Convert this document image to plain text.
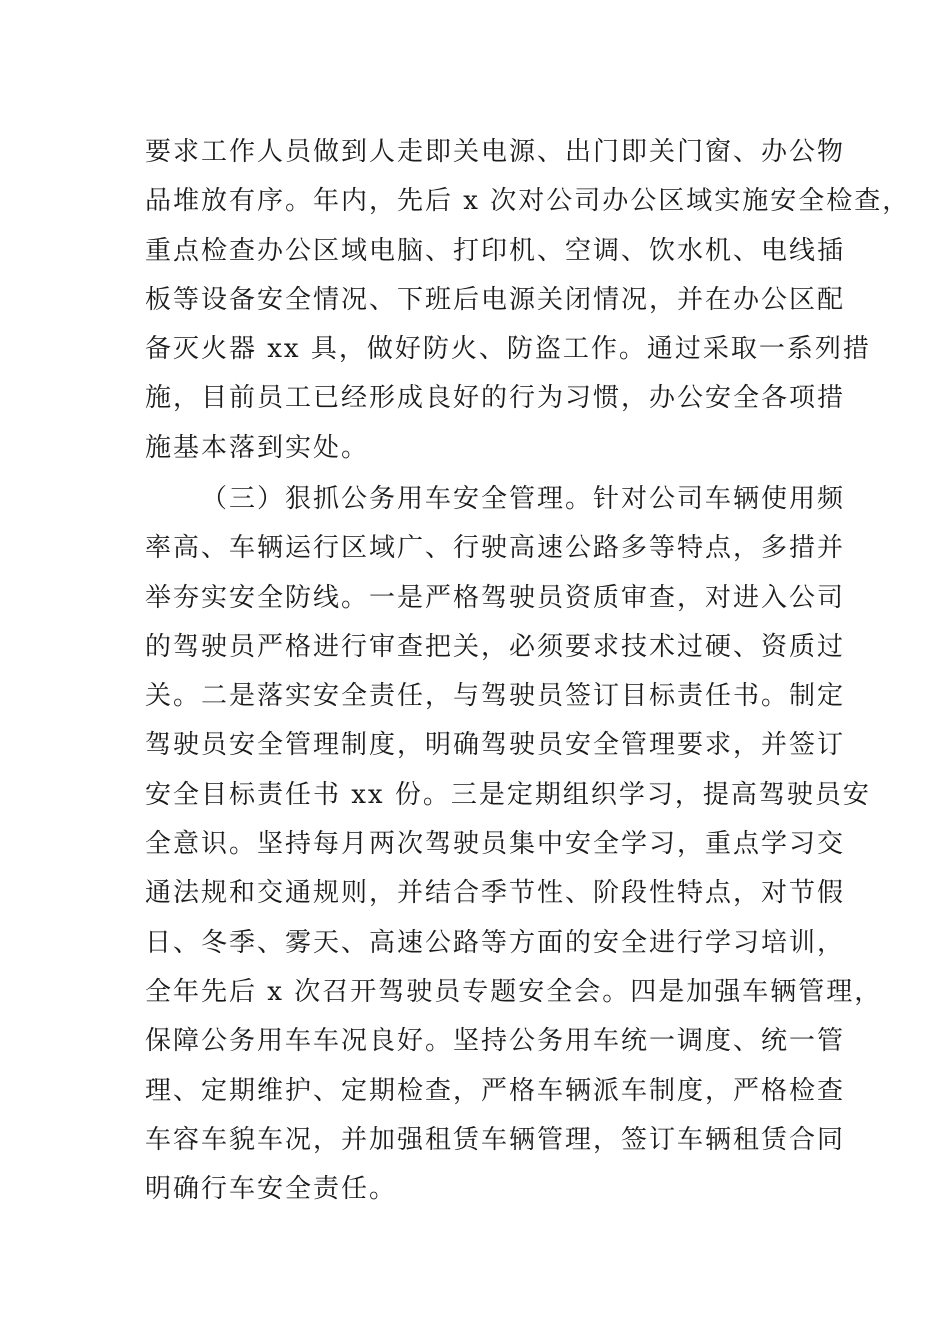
要求工作人员做到人走即关电源、出门即关门窗、办公物
品堆放有序。年内，先后 x 次对公司办公区域实施安全检查，
重点检查办公区域电脑、打印机、空调、饮水机、电线插
板等设备安全情况、下班后电源关闭情况，并在办公区配
备灭火器 xx 具，做好防火、防盗工作。通过采取一系列措
施，目前员工已经形成良好的行为习惯，办公安全各项措
施基本落到实处。
（三）狠抓公务用车安全管理。针对公司车辆使用频
率高、车辆运行区域广、行驶高速公路多等特点，多措并
举夯实安全防线。一是严格驾驶员资质审查，对进入公司
的驾驶员严格进行审查把关，必须要求技术过硬、资质过
关。二是落实安全责任，与驾驶员签订目标责任书。制定
驾驶员安全管理制度，明确驾驶员安全管理要求，并签订
安全目标责任书 xx 份。三是定期组织学习，提高驾驶员安
全意识。坚持每月两次驾驶员集中安全学习，重点学习交
通法规和交通规则，并结合季节性、阶段性特点，对节假
日、冬季、雾天、高速公路等方面的安全进行学习培训，
全年先后 x 次召开驾驶员专题安全会。四是加强车辆管理，
保障公务用车车况良好。坚持公务用车统一调度、统一管
理、定期维护、定期检查，严格车辆派车制度，严格检查
车容车貌车况，并加强租赁车辆管理，签订车辆租赁合同
明确行车安全责任。
